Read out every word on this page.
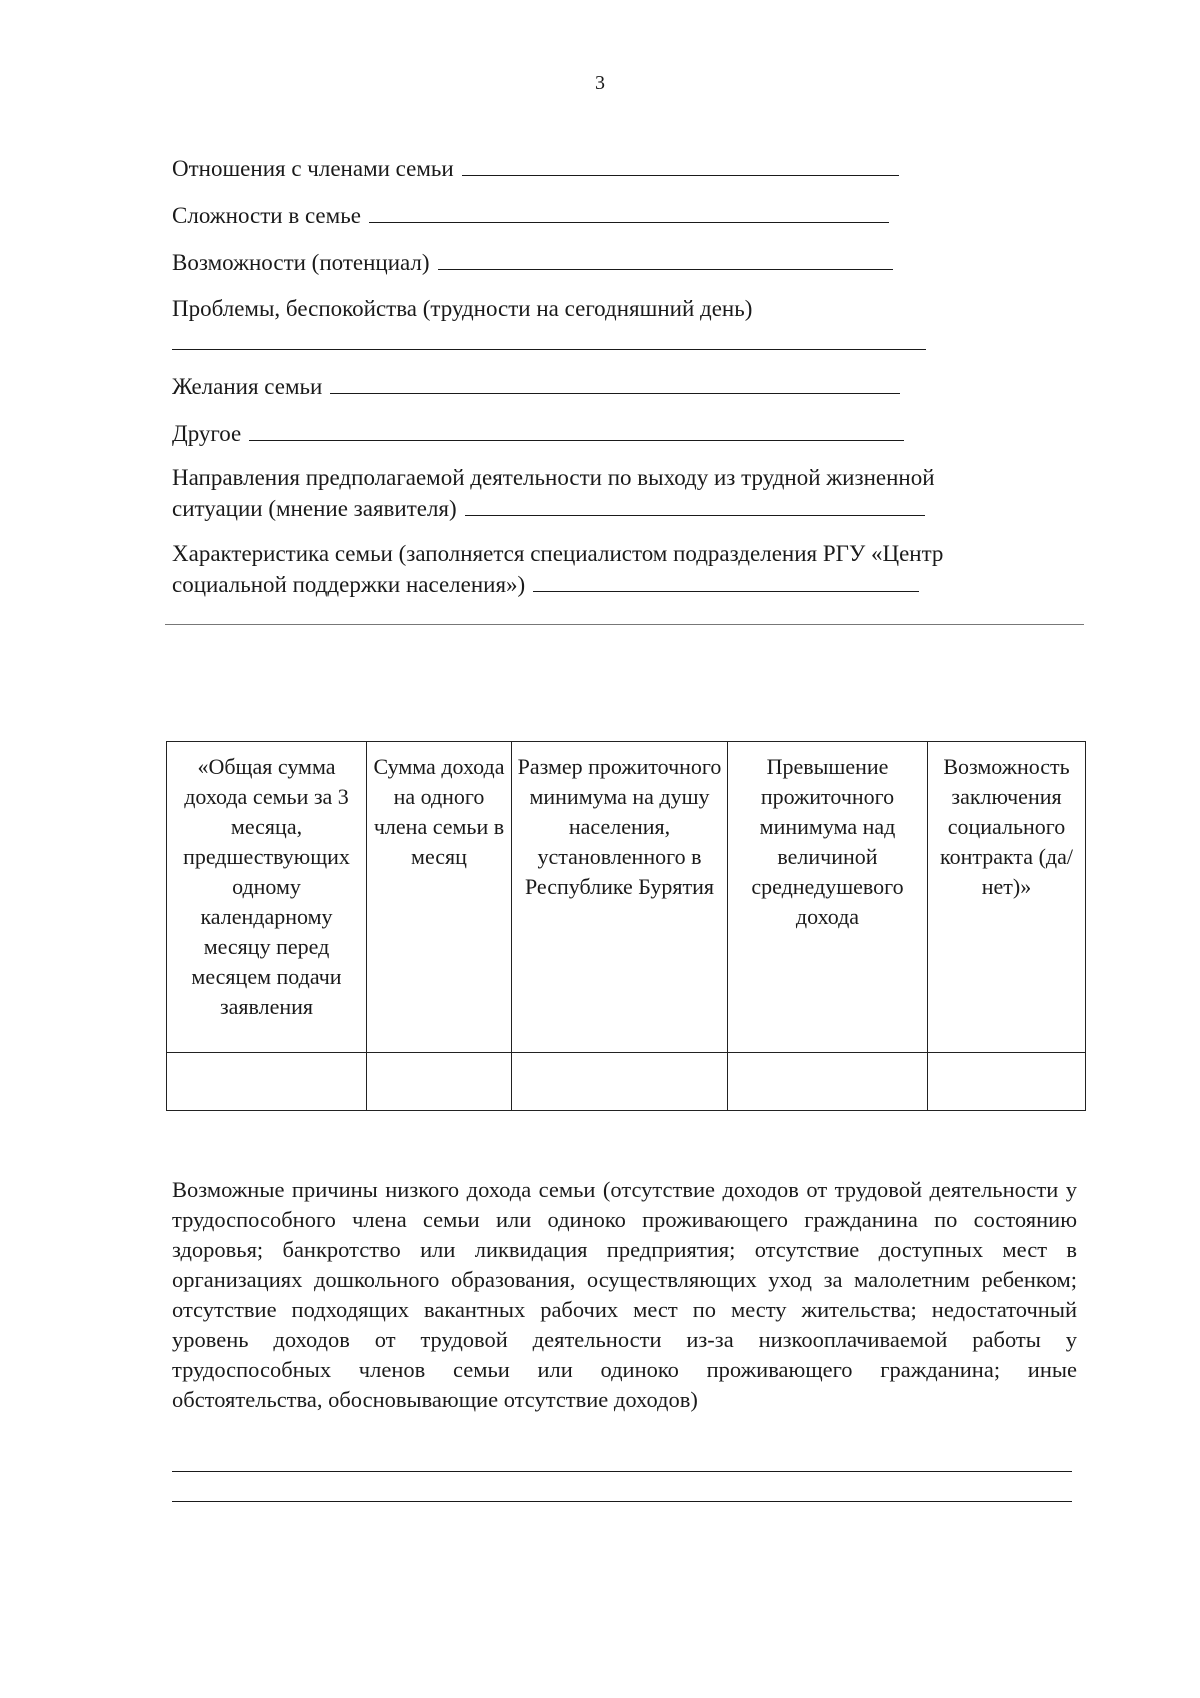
3
Отношения с членами семьи
Сложности в семье
Возможности (потенциал)
Проблемы, беспокойства (трудности на сегодняшний день)
Желания семьи
Другое
Направления предполагаемой деятельности по выходу из трудной жизненной
ситуации (мнение заявителя)
Характеристика семьи (заполняется специалистом подразделения РГУ «Центр
социальной поддержки населения»)
«Общая сумма дохода семьи за 3 месяца, предшествующих одному календарному месяцу перед месяцем подачи заявления	Сумма дохода на одного члена семьи в месяц	Размер прожиточного минимума на душу населения, установленного в Республике Бурятия	Превышение прожиточного минимума над величиной среднедушевого дохода	Возможность заключения социального контракта (да/ нет)»

Возможные причины низкого дохода семьи (отсутствие доходов от трудовой деятельности у трудоспособного члена семьи или одиноко проживающего гражданина по состоянию здоровья; банкротство или ликвидация предприятия; отсутствие доступных мест в организациях дошкольного образования, осуществляющих уход за малолетним ребенком; отсутствие подходящих вакантных рабочих мест по месту жительства; недостаточный уровень доходов от трудовой деятельности из-за низкооплачиваемой работы у трудоспособных членов семьи или одиноко проживающего гражданина; иные обстоятельства, обосновывающие отсутствие доходов)
